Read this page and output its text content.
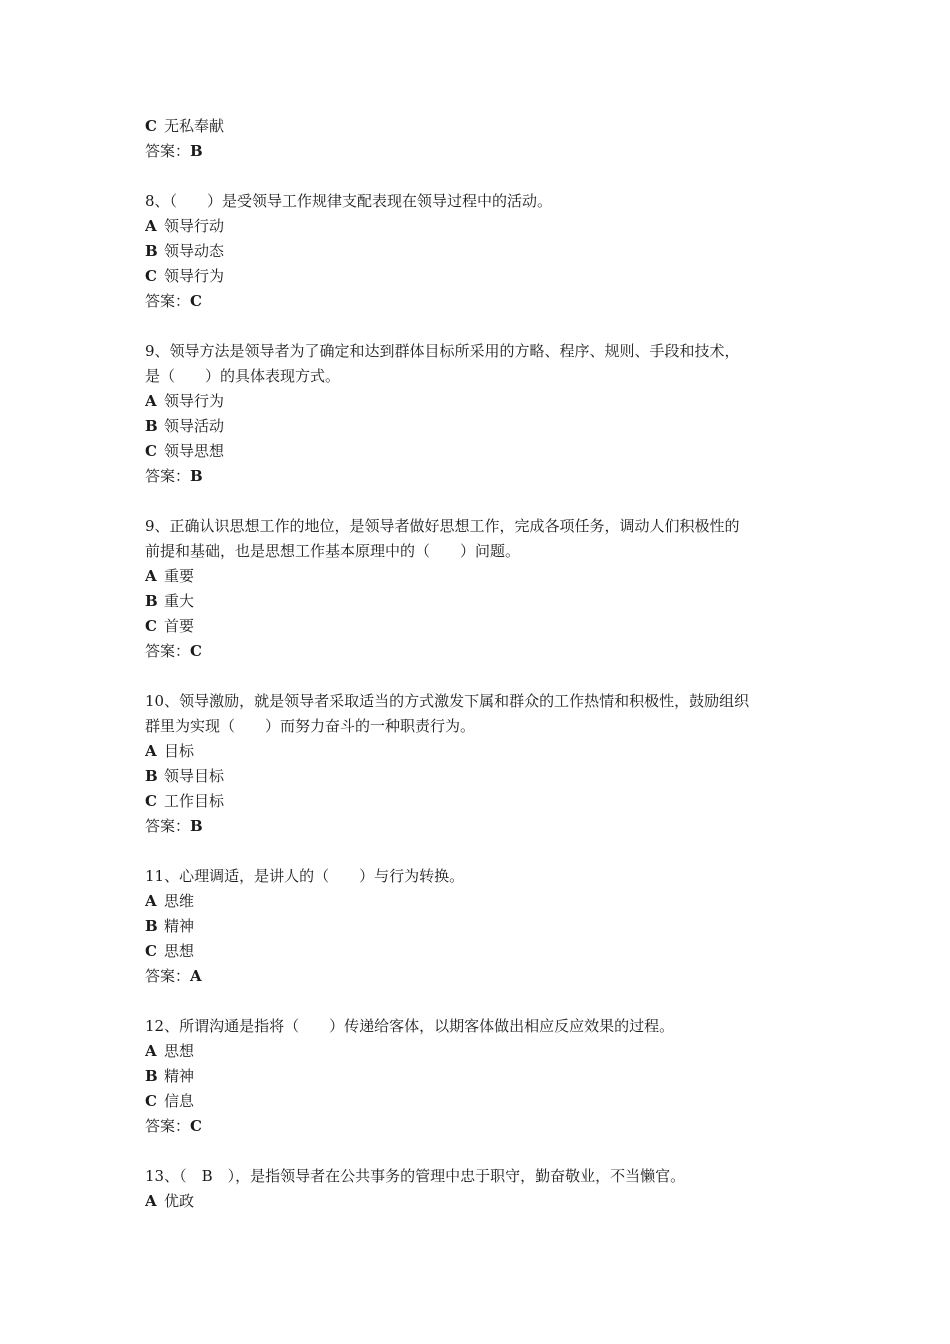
C 无私奉献
答案：B
8、（　　）是受领导工作规律支配表现在领导过程中的活动。
A 领导行动
B 领导动态
C 领导行为
答案：C
9、领导方法是领导者为了确定和达到群体目标所采用的方略、程序、规则、手段和技术，
是（　　）的具体表现方式。
A 领导行为
B 领导活动
C 领导思想
答案：B
9、正确认识思想工作的地位，是领导者做好思想工作，完成各项任务，调动人们积极性的
前提和基础，也是思想工作基本原理中的（　　）问题。
A 重要
B 重大
C 首要
答案：C
10、领导激励，就是领导者采取适当的方式激发下属和群众的工作热情和积极性，鼓励组织
群里为实现（　　）而努力奋斗的一种职责行为。
A 目标
B 领导目标
C 工作目标
答案：B
11、心理调适，是讲人的（　　）与行为转换。
A 思维
B 精神
C 思想
答案：A
12、所谓沟通是指将（　　）传递给客体，以期客体做出相应反应效果的过程。
A 思想
B 精神
C 信息
答案：C
13、（　B　），是指领导者在公共事务的管理中忠于职守，勤奋敬业，不当懒官。
A 优政
